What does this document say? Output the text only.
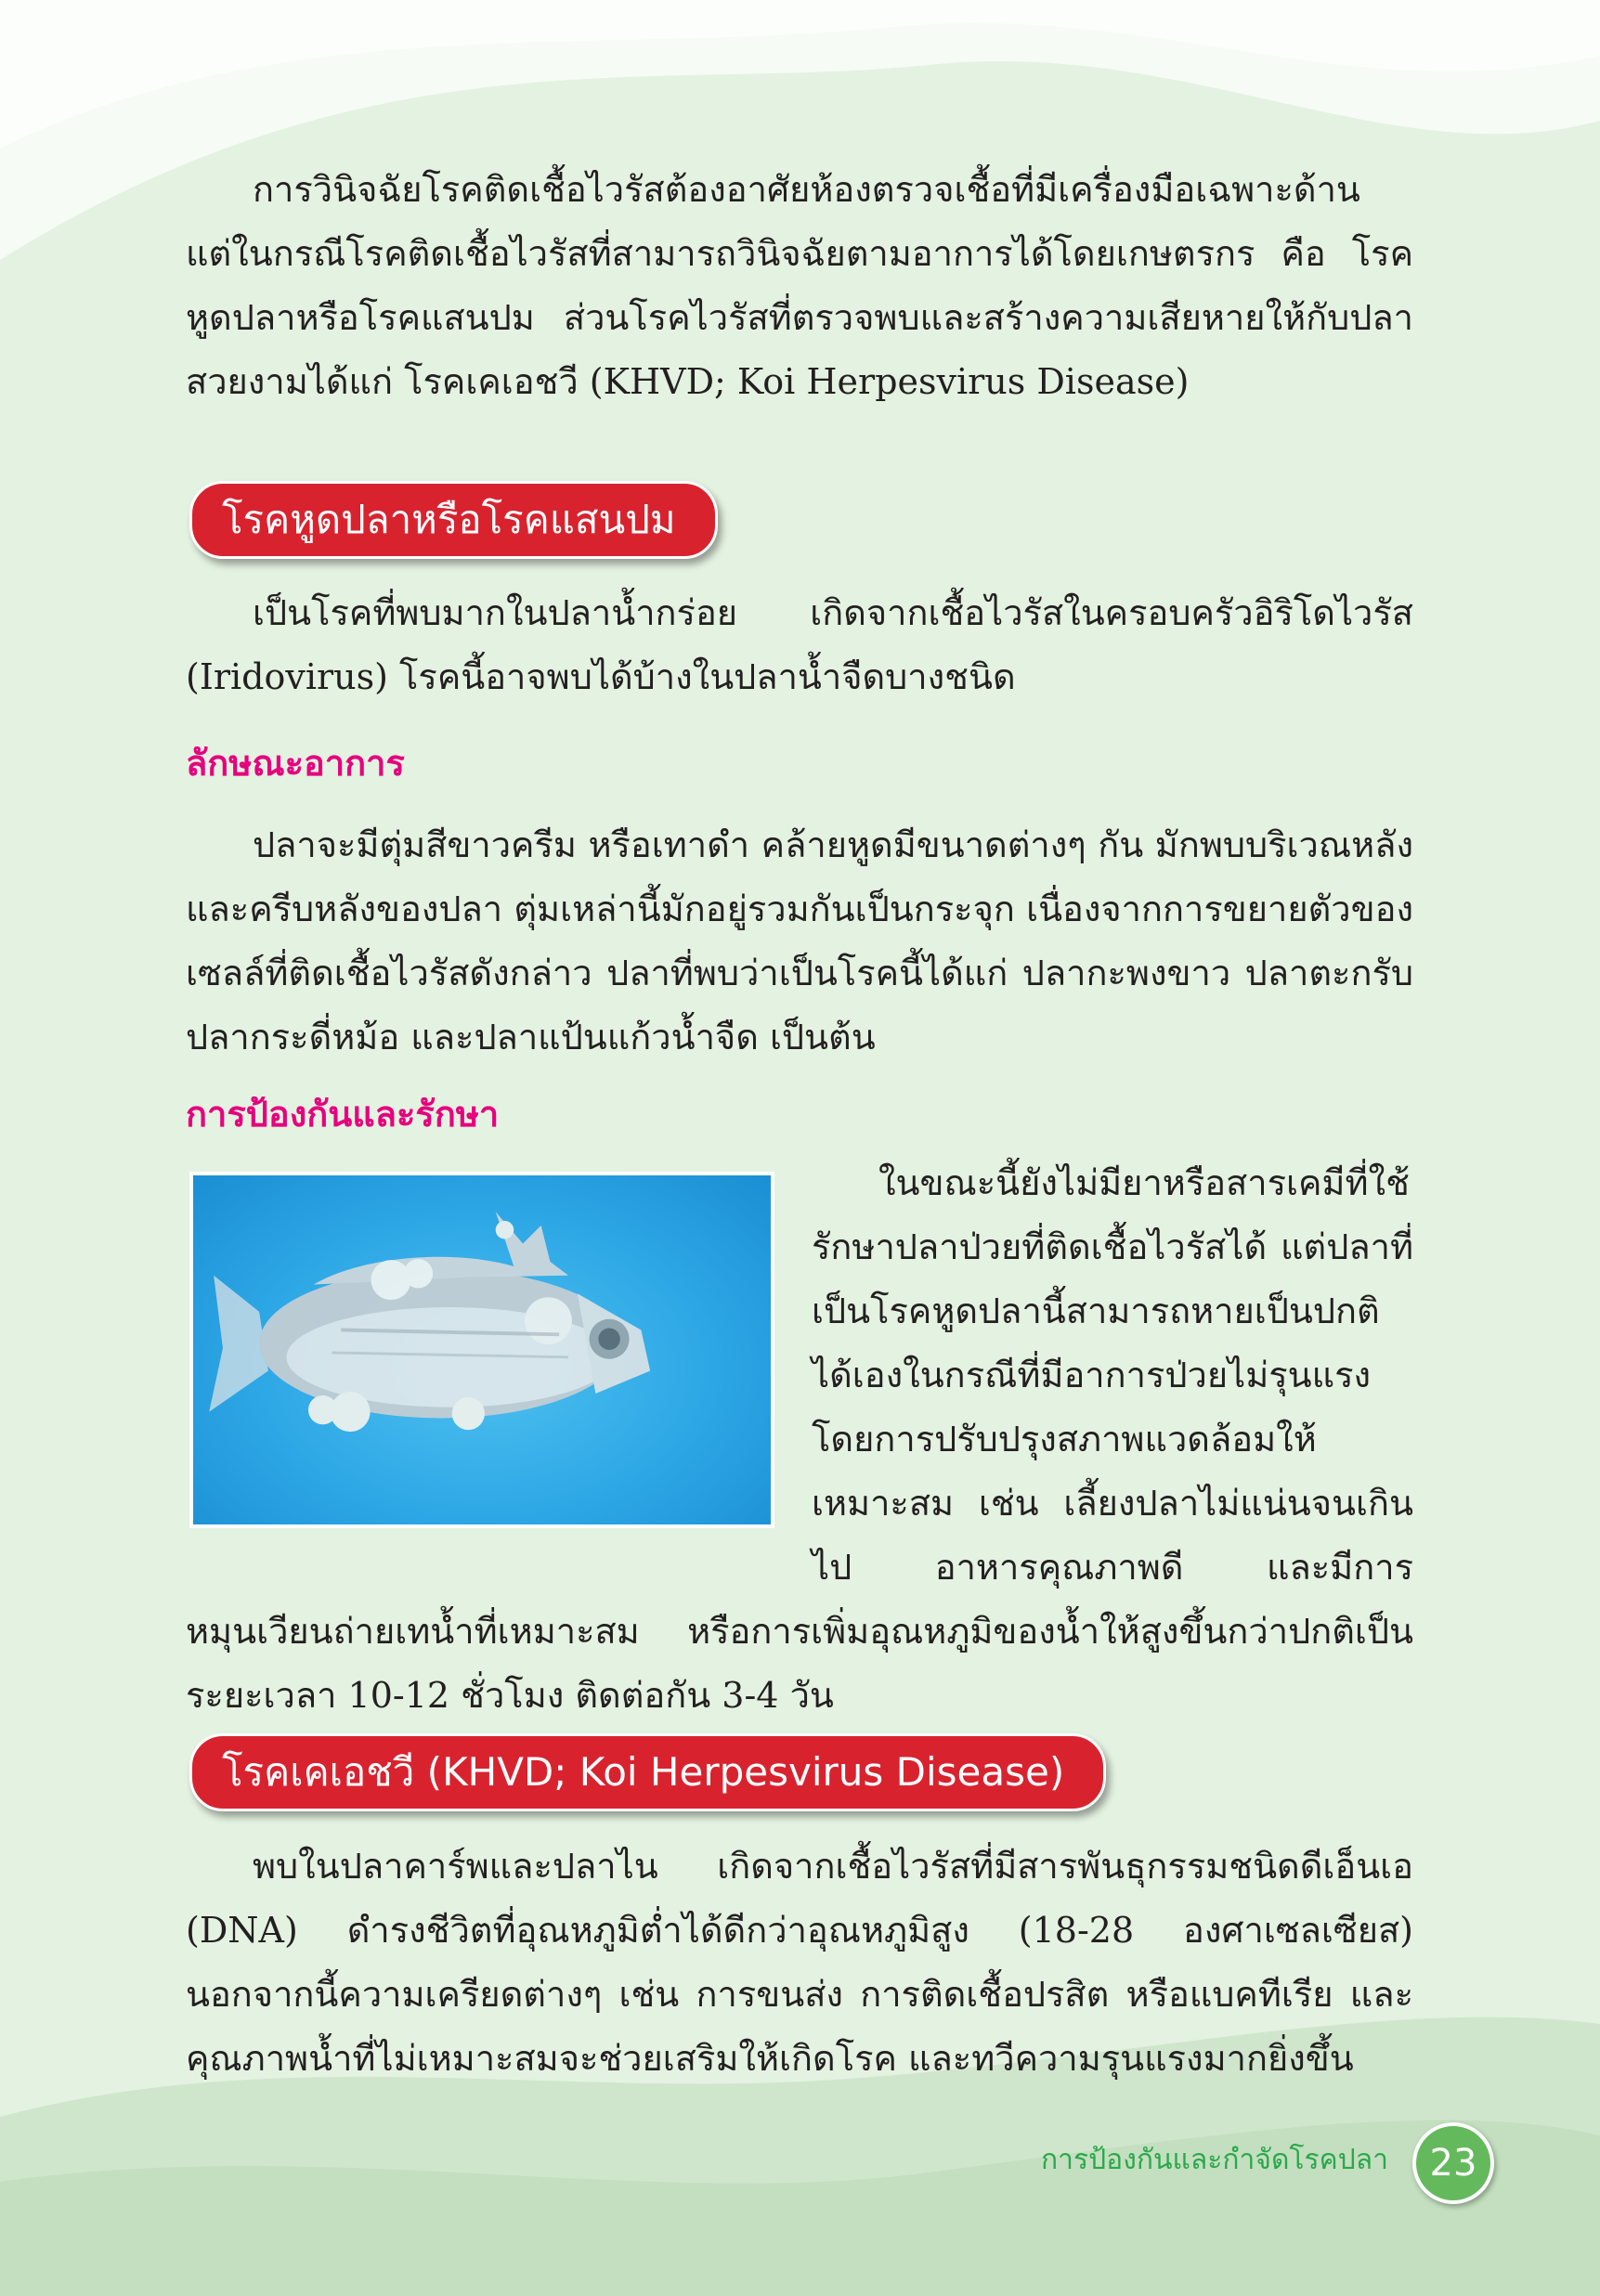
การวินิจฉัยโรคติดเชื้อไวรัสต้องอาศัยห้องตรวจเชื้อที่มีเครื่องมือเฉพาะด้าน แต่ในกรณีโรคติดเชื้อไวรัสที่สามารถวินิจฉัยตามอาการได้โดยเกษตรกร คือ โรคหูดปลาหรือโรคแสนปม ส่วนโรคไวรัสที่ตรวจพบและสร้างความเสียหายให้กับปลาสวยงามได้แก่ โรคเคเอชวี (KHVD; Koi Herpesvirus Disease)
โรคหูดปลาหรือโรคแสนปม
เป็นโรคที่พบมากในปลาน้ำกร่อย เกิดจากเชื้อไวรัสในครอบครัวอิริโดไวรัส (Iridovirus) โรคนี้อาจพบได้บ้างในปลาน้ำจืดบางชนิด
ลักษณะอาการ
ปลาจะมีตุ่มสีขาวครีม หรือเทาดำ คล้ายหูดมีขนาดต่างๆ กัน มักพบบริเวณหลังและครีบหลังของปลา ตุ่มเหล่านี้มักอยู่รวมกันเป็นกระจุก เนื่องจากการขยายตัวของเซลล์ที่ติดเชื้อไวรัสดังกล่าว ปลาที่พบว่าเป็นโรคนี้ได้แก่ ปลากะพงขาว ปลาตะกรับ ปลากระดี่หม้อ และปลาแป้นแก้วน้ำจืด เป็นต้น
การป้องกันและรักษา
ในขณะนี้ยังไม่มียาหรือสารเคมีที่ใช้รักษาปลาป่วยที่ติดเชื้อไวรัสได้ แต่ปลาที่เป็นโรคหูดปลานี้สามารถหายเป็นปกติได้เองในกรณีที่มีอาการป่วยไม่รุนแรง โดยการปรับปรุงสภาพแวดล้อมให้เหมาะสม เช่น เลี้ยงปลาไม่แน่นจนเกินไป อาหารคุณภาพดี และมีการหมุนเวียนถ่ายเทน้ำที่เหมาะสม หรือการเพิ่มอุณหภูมิของน้ำให้สูงขึ้นกว่าปกติเป็นระยะเวลา 10-12 ชั่วโมง ติดต่อกัน 3-4 วัน
โรคเคเอชวี (KHVD; Koi Herpesvirus Disease)
พบในปลาคาร์พและปลาไน เกิดจากเชื้อไวรัสที่มีสารพันธุกรรมชนิดดีเอ็นเอ (DNA) ดำรงชีวิตที่อุณหภูมิต่ำได้ดีกว่าอุณหภูมิสูง (18-28 องศาเซลเซียส) นอกจากนี้ความเครียดต่างๆ เช่น การขนส่ง การติดเชื้อปรสิต หรือแบคทีเรีย และคุณภาพน้ำที่ไม่เหมาะสมจะช่วยเสริมให้เกิดโรค และทวีความรุนแรงมากยิ่งขึ้น
การป้องกันและกำจัดโรคปลา	23
